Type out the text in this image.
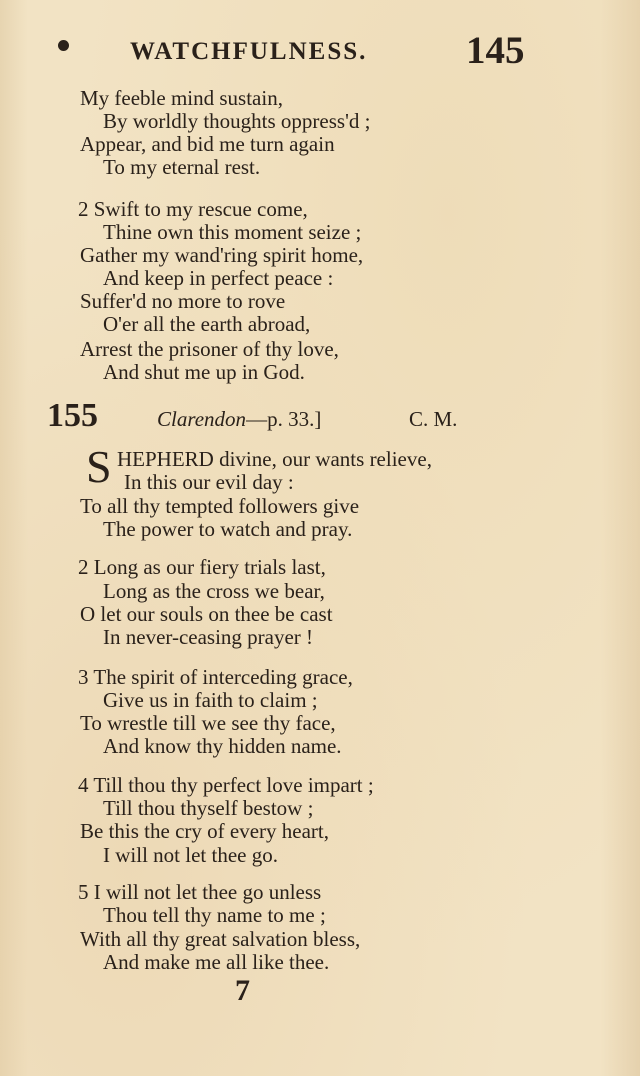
WATCHFULNESS.	145
My feeble mind sustain,
By worldly thoughts oppress'd ;
Appear, and bid me turn again
To my eternal rest.
2 Swift to my rescue come,
Thine own this moment seize ;
Gather my wand'ring spirit home,
And keep in perfect peace :
Suffer'd no more to rove
O'er all the earth abroad,
Arrest the prisoner of thy love,
And shut me up in God.
155	Clarendon—p. 33.]	C. M.
S HEPHERD divine, our wants relieve,
In this our evil day :
To all thy tempted followers give
The power to watch and pray.
2 Long as our fiery trials last,
Long as the cross we bear,
O let our souls on thee be cast
In never-ceasing prayer !
3 The spirit of interceding grace,
Give us in faith to claim ;
To wrestle till we see thy face,
And know thy hidden name.
4 Till thou thy perfect love impart ;
Till thou thyself bestow ;
Be this the cry of every heart,
I will not let thee go.
5 I will not let thee go unless
Thou tell thy name to me ;
With all thy great salvation bless,
And make me all like thee.
7
